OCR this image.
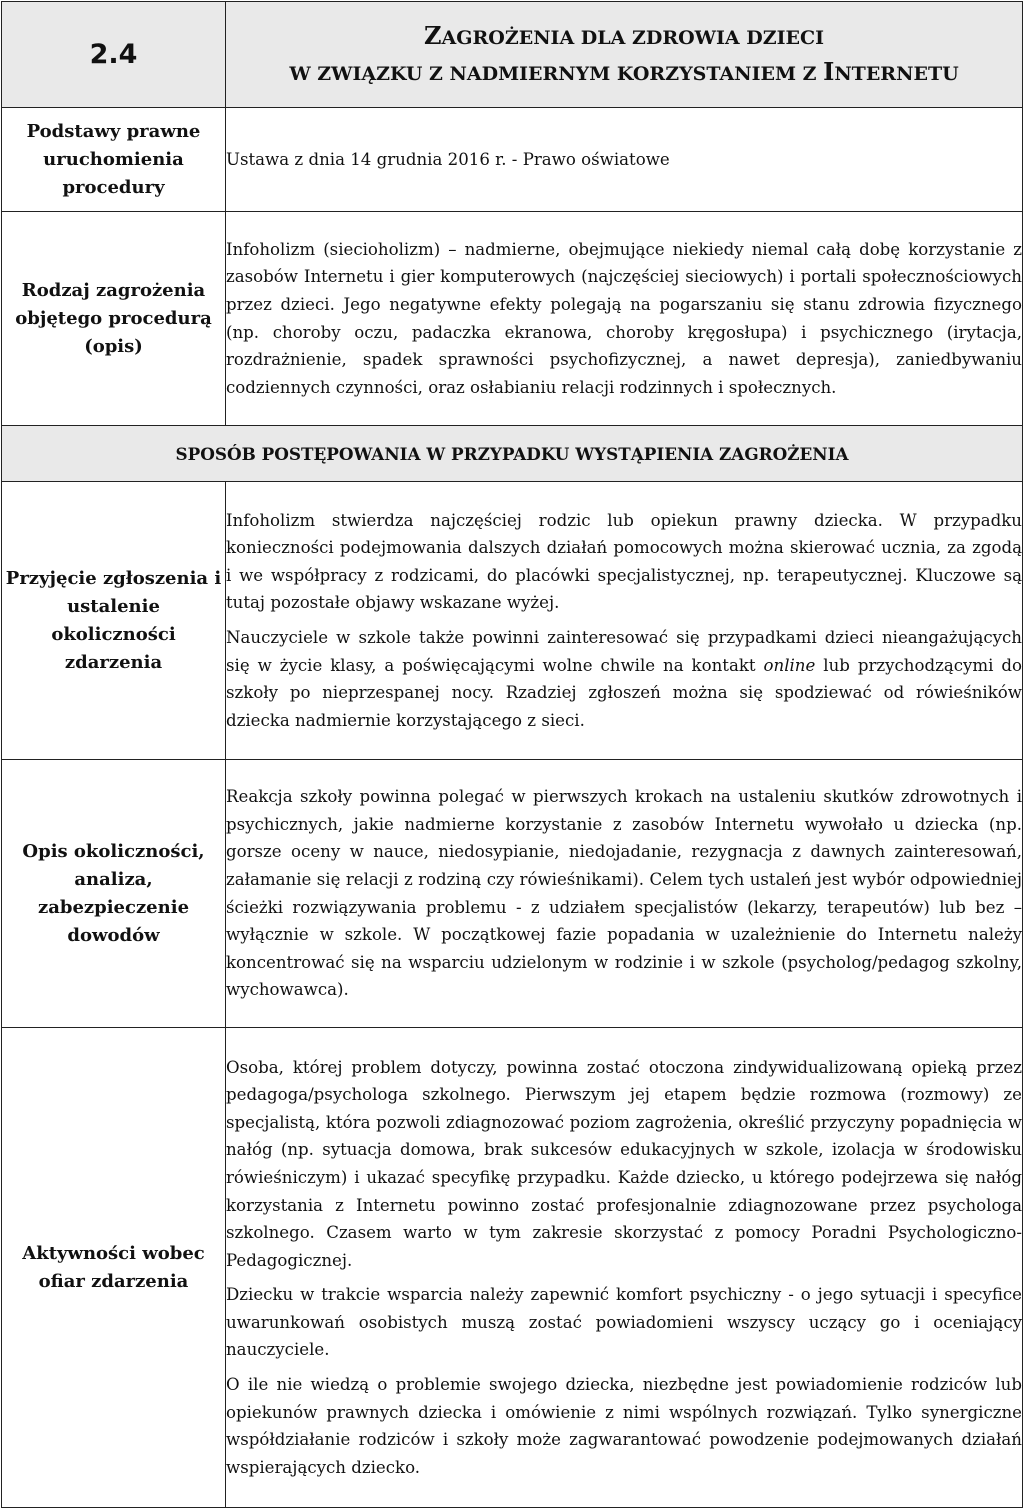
2.4	ZAGROŻENIA DLA ZDROWIA DZIECI
W ZWIĄZKU Z NADMIERNYM KORZYSTANIEM Z INTERNETU

Podstawy prawne uruchomienia procedury	Ustawa z dnia 14 grudnia 2016 r. - Prawo oświatowe

Rodzaj zagrożenia objętego procedurą (opis)	Infoholizm (siecioholizm) – nadmierne, obejmujące niekiedy niemal całą dobę korzystanie z zasobów Internetu i gier komputerowych (najczęściej sieciowych) i portali społecznościowych przez dzieci. Jego negatywne efekty polegają na pogarszaniu się stanu zdrowia fizycznego (np. choroby oczu, padaczka ekranowa, choroby kręgosłupa) i psychicznego (irytacja, rozdrażnienie, spadek sprawności psychofizycznej, a nawet depresja), zaniedbywaniu codziennych czynności, oraz osłabianiu relacji rodzinnych i społecznych.

SPOSÓB POSTĘPOWANIA W PRZYPADKU WYSTĄPIENIA ZAGROŻENIA	
Przyjęcie zgłoszenia i ustalenie okoliczności zdarzenia	Infoholizm stwierdza najczęściej rodzic lub opiekun prawny dziecka. W przypadku konieczności podejmowania dalszych działań pomocowych można skierować ucznia, za zgodą i we współpracy z rodzicami, do placówki specjalistycznej, np. terapeutycznej. Kluczowe są tutaj pozostałe objawy wskazane wyżej.

Nauczyciele w szkole także powinni zainteresować się przypadkami dzieci nieangażujących się w życie klasy, a poświęcającymi wolne chwile na kontakt online lub przychodzącymi do szkoły po nieprzespanej nocy. Rzadziej zgłoszeń można się spodziewać od rówieśników dziecka nadmiernie korzystającego z sieci.

Opis okoliczności, analiza, zabezpieczenie dowodów	Reakcja szkoły powinna polegać w pierwszych krokach na ustaleniu skutków zdrowotnych i psychicznych, jakie nadmierne korzystanie z zasobów Internetu wywołało u dziecka (np. gorsze oceny w nauce, niedosypianie, niedojadanie, rezygnacja z dawnych zainteresowań, załamanie się relacji z rodziną czy rówieśnikami). Celem tych ustaleń jest wybór odpowiedniej ścieżki rozwiązywania problemu - z udziałem specjalistów (lekarzy, terapeutów) lub bez – wyłącznie w szkole. W początkowej fazie popadania w uzależnienie do Internetu należy koncentrować się na wsparciu udzielonym w rodzinie i w szkole (psycholog/pedagog szkolny, wychowawca).

Aktywności wobec ofiar zdarzenia	Osoba, której problem dotyczy, powinna zostać otoczona zindywidualizowaną opieką przez pedagoga/psychologa szkolnego. Pierwszym jej etapem będzie rozmowa (rozmowy) ze specjalistą, która pozwoli zdiagnozować poziom zagrożenia, określić przyczyny popadnięcia w nałóg (np. sytuacja domowa, brak sukcesów edukacyjnych w szkole, izolacja w środowisku rówieśniczym) i ukazać specyfikę przypadku. Każde dziecko, u którego podejrzewa się nałóg korzystania z Internetu powinno zostać profesjonalnie zdiagnozowane przez psychologa szkolnego. Czasem warto w tym zakresie skorzystać z pomocy Poradni Psychologiczno-Pedagogicznej.

Dziecku w trakcie wsparcia należy zapewnić komfort psychiczny - o jego sytuacji i specyfice uwarunkowań osobistych muszą zostać powiadomieni wszyscy uczący go i oceniający nauczyciele.

O ile nie wiedzą o problemie swojego dziecka, niezbędne jest powiadomienie rodziców lub opiekunów prawnych dziecka i omówienie z nimi wspólnych rozwiązań. Tylko synergiczne współdziałanie rodziców i szkoły może zagwarantować powodzenie podejmowanych działań wspierających dziecko.
